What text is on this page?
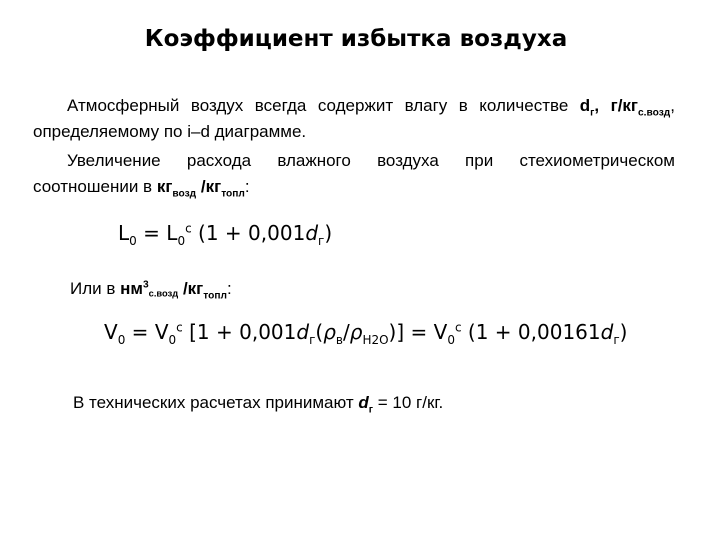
Коэффициент избытка воздуха
Атмосферный воздух всегда содержит влагу в количестве $d_г$, $г/кг_{с.возд}$, определяемому по i–d диаграмме.
Увеличение расхода влажного воздуха при стехиометрическом соотношении в $кг_{возд}$ $/кг_{топл}$:
$L_0 = L_0^с$ $(1 + 0,001d_г)$
Или в $нм^3_{с.возд}$ $/кг_{топл}$:
$V_0 = V_0^с$ $[1 + 0,001d_г(\rho_в/\rho_{H2O})] = V_0^с$ $(1 + 0,00161d_г)$
В технических расчетах принимают $d_г = 10$ г/кг.
